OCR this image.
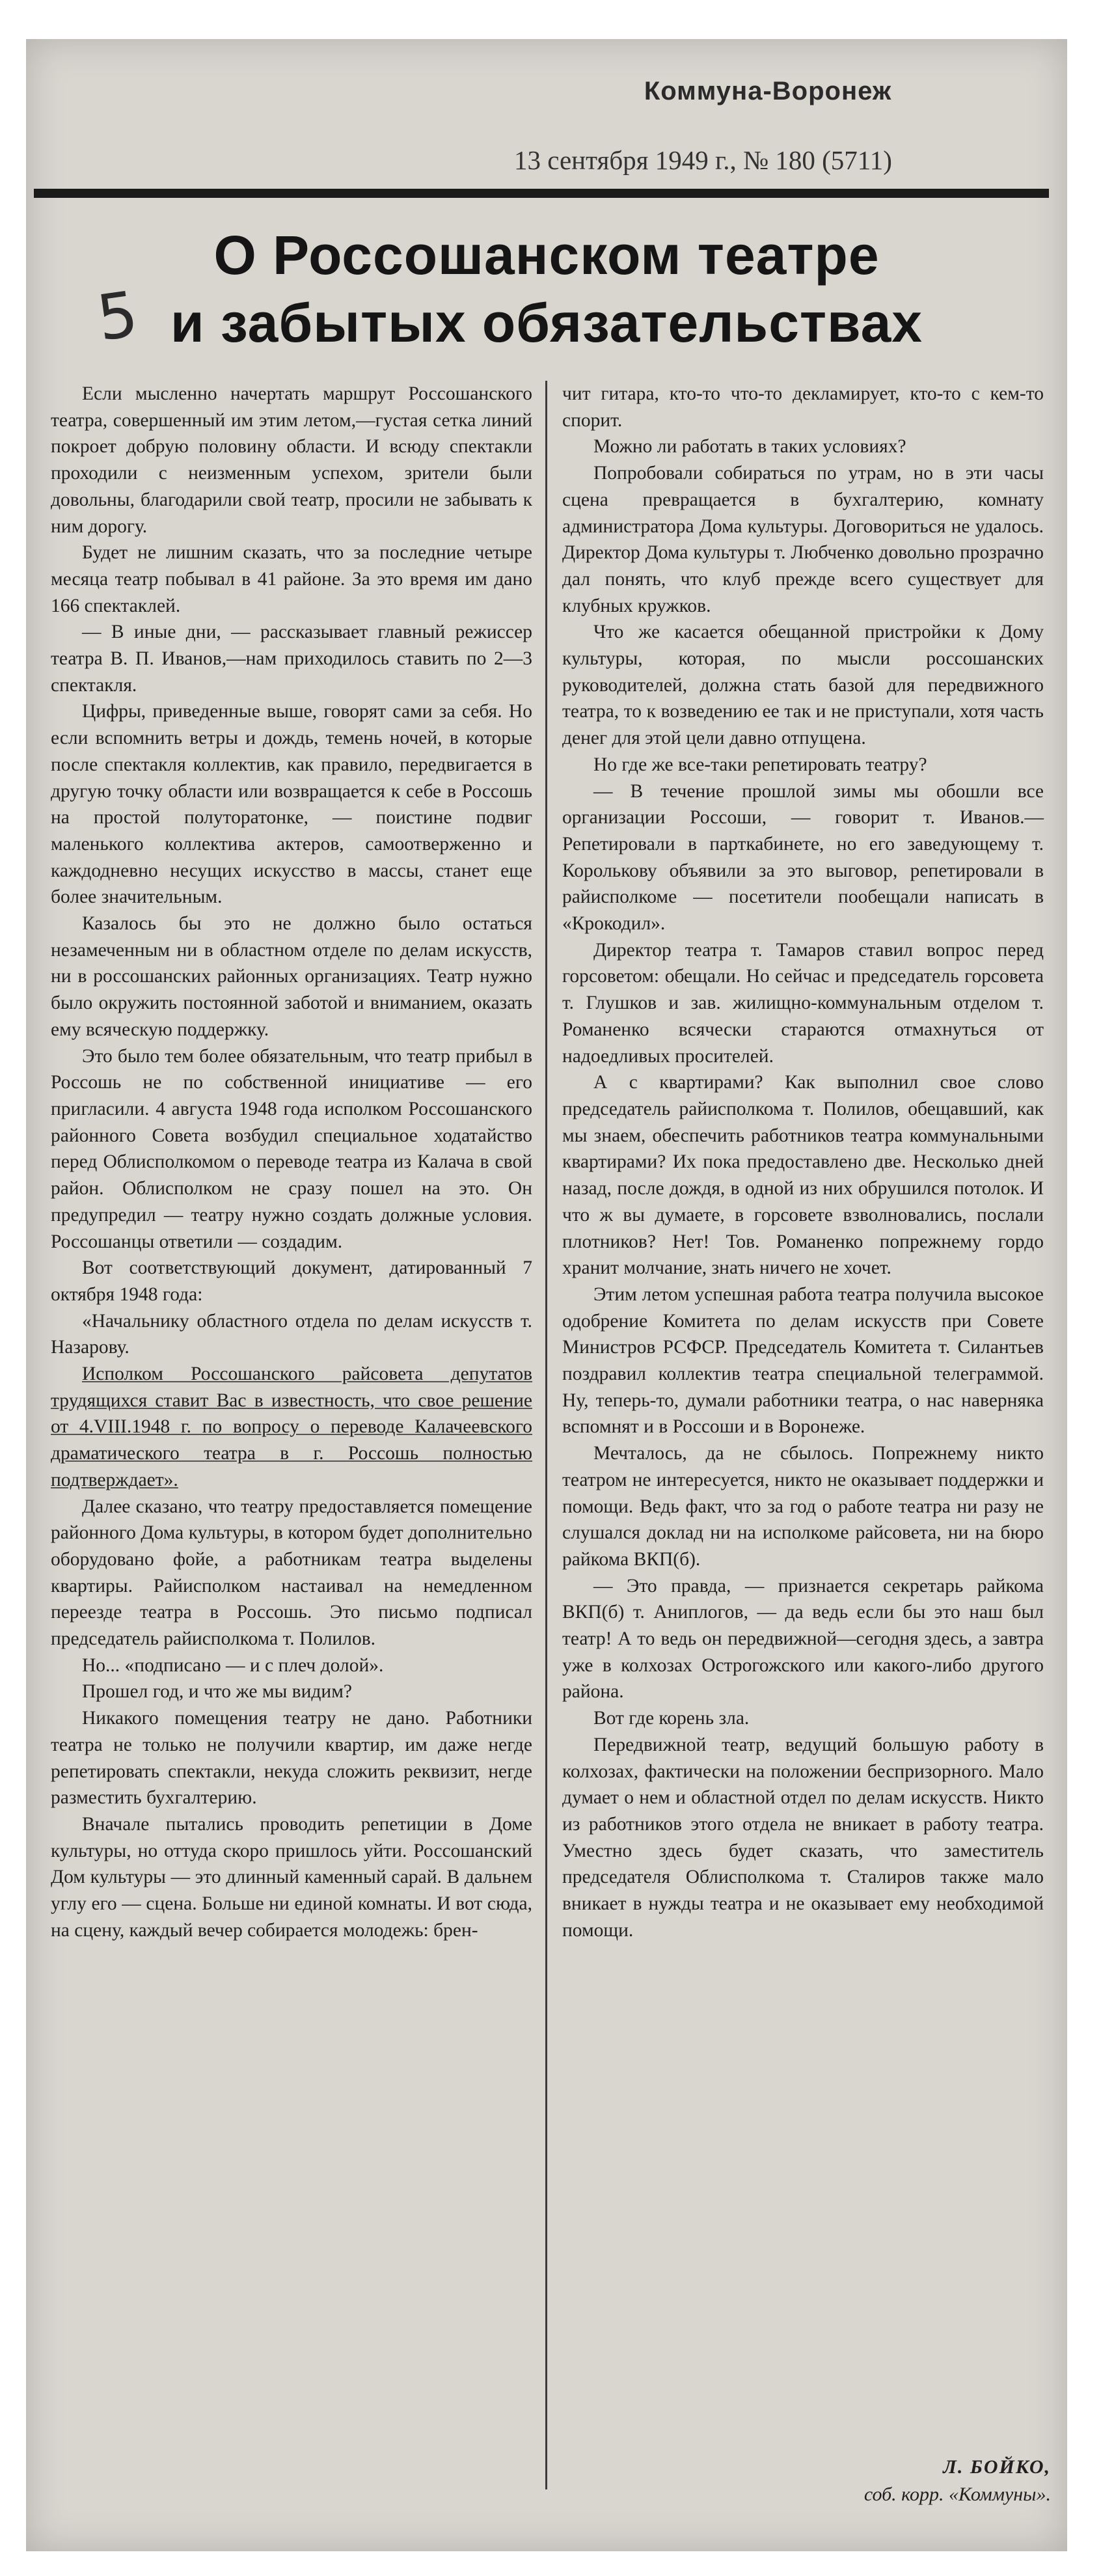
Коммуна-Воронеж
13 сентября 1949 г., № 180 (5711)
5
О Россошанском театре
и забытых обязательствах

Если мысленно начертать маршрут Россошанского театра, совершенный им этим летом,—густая сетка линий покроет добрую половину области. И всюду спектакли проходили с неизменным успехом, зрители были довольны, благодарили свой театр, просили не забывать к ним дорогу.

Будет не лишним сказать, что за последние четыре месяца театр побывал в 41 районе. За это время им дано 166 спектаклей.

— В иные дни, — рассказывает главный режиссер театра В. П. Иванов,—нам приходилось ставить по 2—3 спектакля.

Цифры, приведенные выше, говорят сами за себя. Но если вспомнить ветры и дождь, темень ночей, в которые после спектакля коллектив, как правило, передвигается в другую точку области или возвращается к себе в Россошь на простой полуторатонке, — поистине подвиг маленького коллектива актеров, самоотверженно и каждодневно несущих искусство в массы, станет еще более значительным.

Казалось бы это не должно было остаться незамеченным ни в областном отделе по делам искусств, ни в россошанских районных организациях. Театр нужно было окружить постоянной заботой и вниманием, оказать ему всяческую поддержку.

Это было тем более обязательным, что театр прибыл в Россошь не по собственной инициативе — его пригласили. 4 августа 1948 года исполком Россошанского районного Совета возбудил специальное ходатайство перед Облисполкомом о переводе театра из Калача в свой район. Облисполком не сразу пошел на это. Он предупредил — театру нужно создать должные условия. Россошанцы ответили — создадим.

Вот соответствующий документ, датированный 7 октября 1948 года:

«Начальнику областного отдела по делам искусств т. Назарову.

Исполком Россошанского райсовета депутатов трудящихся ставит Вас в известность, что свое решение от 4.VIII.1948 г. по вопросу о переводе Калачеевского драматического театра в г. Россошь полностью подтверждает».

Далее сказано, что театру предоставляется помещение районного Дома культуры, в котором будет дополнительно оборудовано фойе, а работникам театра выделены квартиры. Райисполком настаивал на немедленном переезде театра в Россошь. Это письмо подписал председатель райисполкома т. Полилов.

Но... «подписано — и с плеч долой».

Прошел год, и что же мы видим?

Никакого помещения театру не дано. Работники театра не только не получили квартир, им даже негде репетировать спектакли, некуда сложить реквизит, негде разместить бухгалтерию.

Вначале пытались проводить репетиции в Доме культуры, но оттуда скоро пришлось уйти. Россошанский Дом культуры — это длинный каменный сарай. В дальнем углу его — сцена. Больше ни единой комнаты. И вот сюда, на сцену, каждый вечер собирается молодежь: брен-

чит гитара, кто-то что-то декламирует, кто-то с кем-то спорит.

Можно ли работать в таких условиях?

Попробовали собираться по утрам, но в эти часы сцена превращается в бухгалтерию, комнату администратора Дома культуры. Договориться не удалось. Директор Дома культуры т. Любченко довольно прозрачно дал понять, что клуб прежде всего существует для клубных кружков.

Что же касается обещанной пристройки к Дому культуры, которая, по мысли россошанских руководителей, должна стать базой для передвижного театра, то к возведению ее так и не приступали, хотя часть денег для этой цели давно отпущена.

Но где же все-таки репетировать театру?

— В течение прошлой зимы мы обошли все организации Россоши, — говорит т. Иванов.—Репетировали в парткабинете, но его заведующему т. Королькову объявили за это выговор, репетировали в райисполкоме — посетители пообещали написать в «Крокодил».

Директор театра т. Тамаров ставил вопрос перед горсоветом: обещали. Но сейчас и председатель горсовета т. Глушков и зав. жилищно-коммунальным отделом т. Романенко всячески стараются отмахнуться от надоедливых просителей.

А с квартирами? Как выполнил свое слово председатель райисполкома т. Полилов, обещавший, как мы знаем, обеспечить работников театра коммунальными квартирами? Их пока предоставлено две. Несколько дней назад, после дождя, в одной из них обрушился потолок. И что ж вы думаете, в горсовете взволновались, послали плотников? Нет! Тов. Романенко попрежнему гордо хранит молчание, знать ничего не хочет.

Этим летом успешная работа театра получила высокое одобрение Комитета по делам искусств при Совете Министров РСФСР. Председатель Комитета т. Силантьев поздравил коллектив театра специальной телеграммой. Ну, теперь-то, думали работники театра, о нас наверняка вспомнят и в Россоши и в Воронеже.

Мечталось, да не сбылось. Попрежнему никто театром не интересуется, никто не оказывает поддержки и помощи. Ведь факт, что за год о работе театра ни разу не слушался доклад ни на исполкоме райсовета, ни на бюро райкома ВКП(б).

— Это правда, — признается секретарь райкома ВКП(б) т. Аниплогов, — да ведь если бы это наш был театр! А то ведь он передвижной—сегодня здесь, а завтра уже в колхозах Острогожского или какого-либо другого района.

Вот где корень зла.

Передвижной театр, ведущий большую работу в колхозах, фактически на положении беспризорного. Мало думает о нем и областной отдел по делам искусств. Никто из работников этого отдела не вникает в работу театра. Уместно здесь будет сказать, что заместитель председателя Облисполкома т. Сталиров также мало вникает в нужды театра и не оказывает ему необходимой помощи.

Л. БОЙКО,
соб. корр. «Коммуны».
